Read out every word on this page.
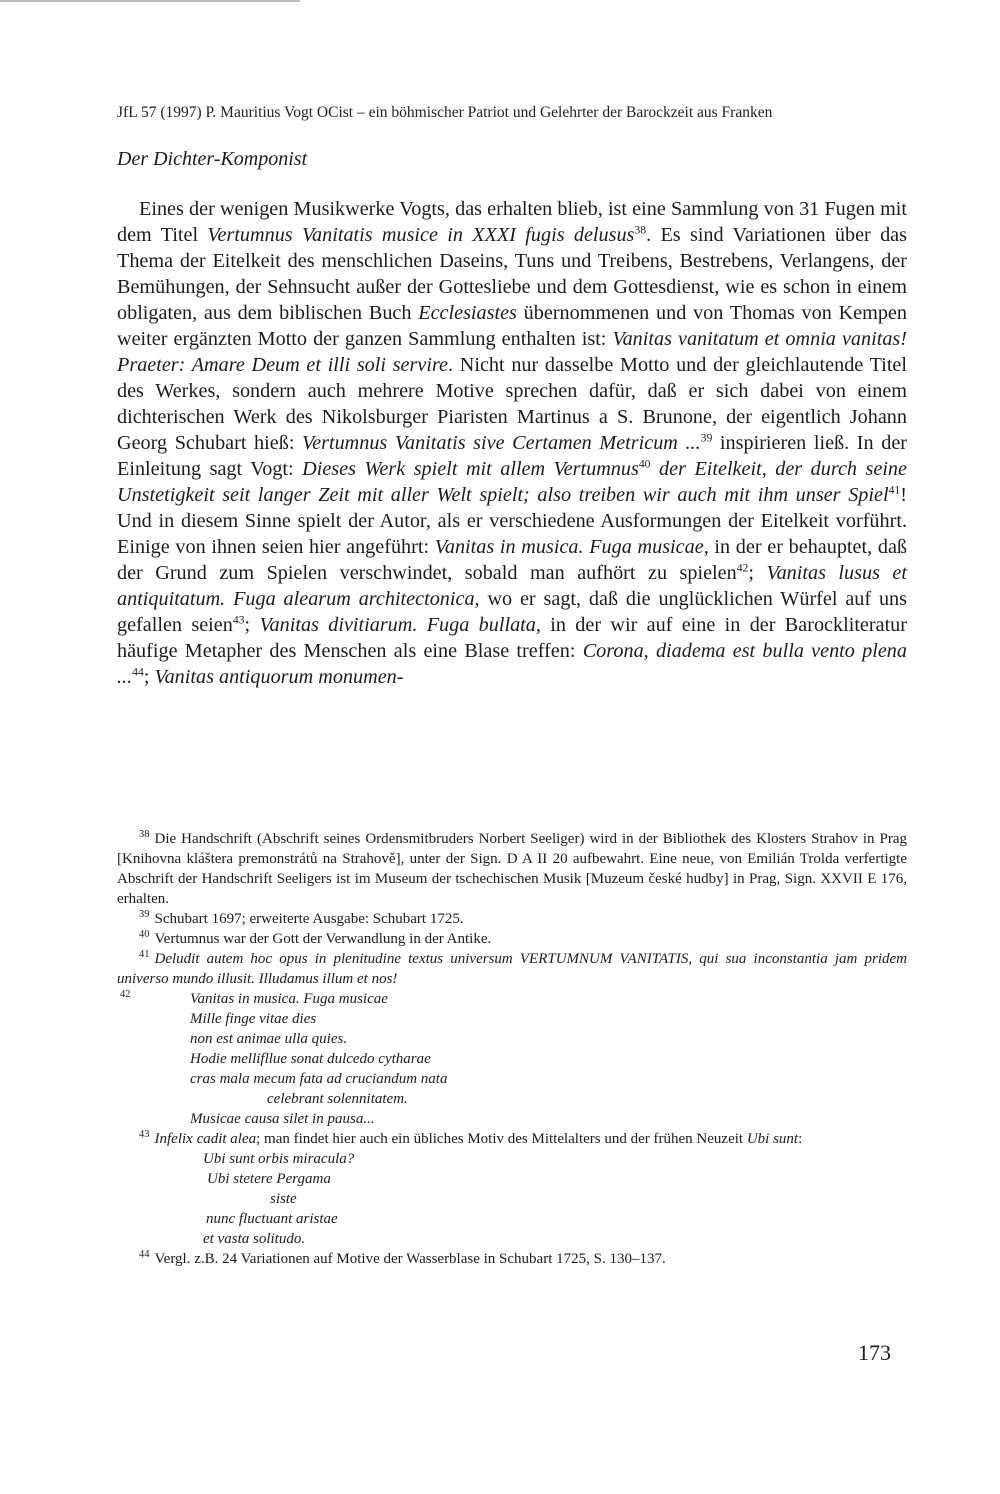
JfL 57 (1997) P. Mauritius Vogt OCist – ein böhmischer Patriot und Gelehrter der Barockzeit aus Franken
Der Dichter-Komponist

Eines der wenigen Musikwerke Vogts, das erhalten blieb, ist eine Sammlung von 31 Fugen mit dem Titel Vertumnus Vanitatis musice in XXXI fugis delusus$^{38}$. Es sind Variationen über das Thema der Eitelkeit des menschlichen Daseins, Tuns und Treibens, Bestrebens, Verlangens, der Bemühungen, der Sehnsucht außer der Gottesliebe und dem Gottesdienst, wie es schon in einem obligaten, aus dem biblischen Buch Ecclesiastes übernommenen und von Thomas von Kempen weiter ergänzten Motto der ganzen Sammlung enthalten ist: Vanitas vanitatum et omnia vanitas! Praeter: Amare Deum et illi soli servire. Nicht nur dasselbe Motto und der gleichlautende Titel des Werkes, sondern auch mehrere Motive sprechen dafür, daß er sich dabei von einem dichterischen Werk des Nikolsburger Piaristen Martinus a S. Brunone, der eigentlich Johann Georg Schubart hieß: Vertumnus Vanitatis sive Certamen Metricum ...$^{39}$ inspirieren ließ. In der Einleitung sagt Vogt: Dieses Werk spielt mit allem Vertumnus$^{40}$ der Eitelkeit, der durch seine Unstetigkeit seit langer Zeit mit aller Welt spielt; also treiben wir auch mit ihm unser Spiel$^{41}$! Und in diesem Sinne spielt der Autor, als er verschiedene Ausformungen der Eitelkeit vorführt. Einige von ihnen seien hier angeführt: Vanitas in musica. Fuga musicae, in der er behauptet, daß der Grund zum Spielen verschwindet, sobald man aufhört zu spielen$^{42}$; Vanitas lusus et antiquitatum. Fuga alearum architectonica, wo er sagt, daß die unglücklichen Würfel auf uns gefallen seien$^{43}$; Vanitas divitiarum. Fuga bullata, in der wir auf eine in der Barockliteratur häufige Metapher des Menschen als eine Blase treffen: Corona, diadema est bulla vento plena ...$^{44}$; Vanitas antiquorum monumen-

$^{38}$ Die Handschrift (Abschrift seines Ordensmitbruders Norbert Seeliger) wird in der Bibliothek des Klosters Strahov in Prag [Knihovna kláštera premonstrátů na Strahově], unter der Sign. D A II 20 aufbewahrt. Eine neue, von Emilián Trolda verfertigte Abschrift der Handschrift Seeligers ist im Museum der tschechischen Musik [Muzeum české hudby] in Prag, Sign. XXVII E 176, erhalten.

$^{39}$ Schubart 1697; erweiterte Ausgabe: Schubart 1725.

$^{40}$ Vertumnus war der Gott der Verwandlung in der Antike.

$^{41}$ Deludit autem hoc opus in plenitudine textus universum VERTUMNUM VANITATIS, qui sua inconstantia jam pridem universo mundo illusit. Illudamus illum et nos!

42	Vanitas in musica. Fuga musicae

Mille finge vitae dies

non est animae ulla quies.

Hodie mellifllue sonat dulcedo cytharae

cras mala mecum fata ad cruciandum nata

celebrant solennitatem.

Musicae causa silet in pausa...

$^{43}$ Infelix cadit alea; man findet hier auch ein übliches Motiv des Mittelalters und der frühen Neuzeit Ubi sunt:

Ubi sunt orbis miracula?

Ubi stetere Pergama

siste

nunc fluctuant aristae

et vasta solitudo.

$^{44}$ Vergl. z.B. 24 Variationen auf Motive der Wasserblase in Schubart 1725, S. 130–137.

173
